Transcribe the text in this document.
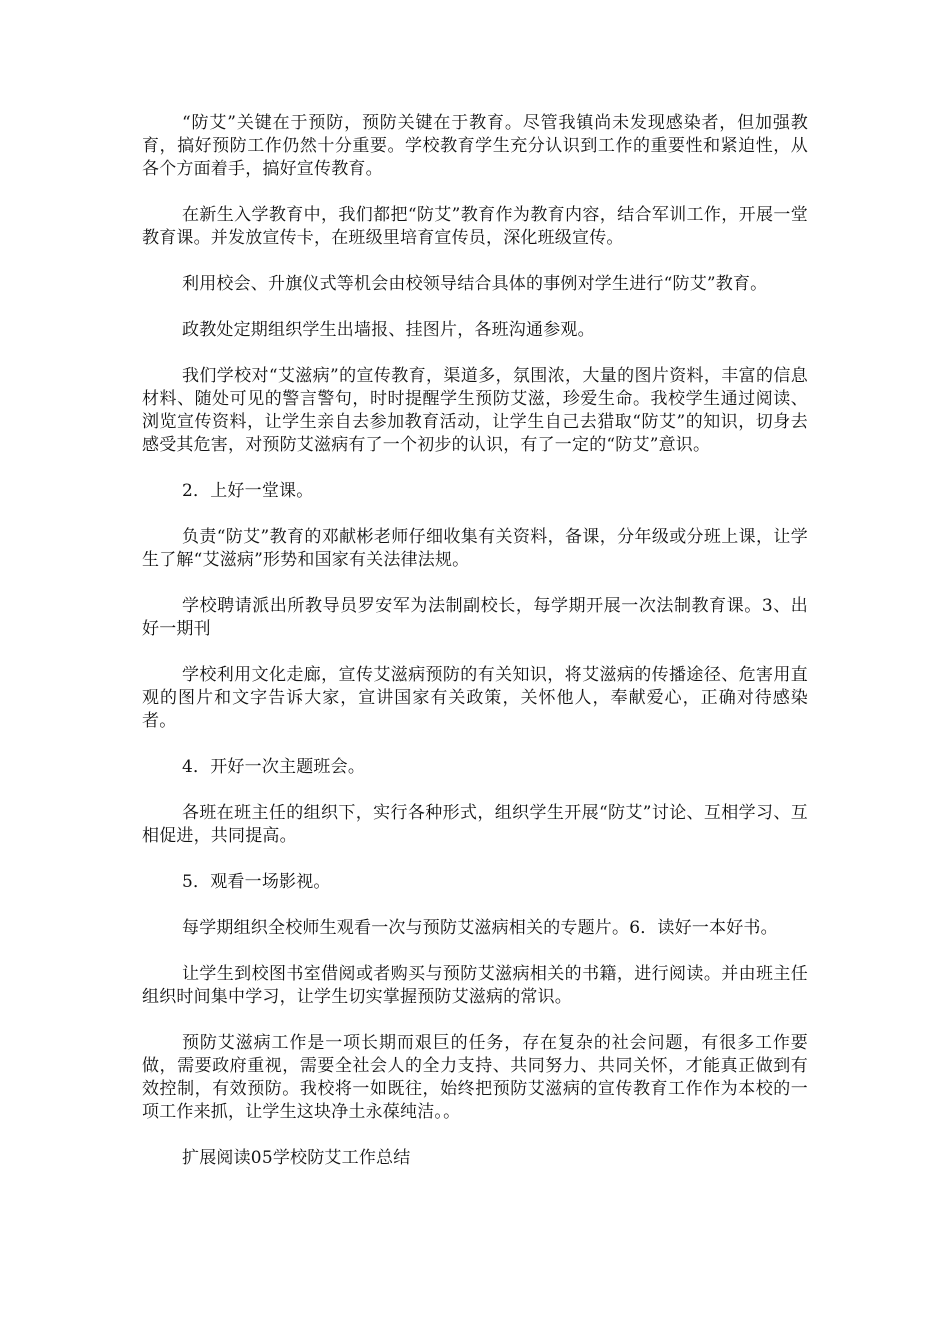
“防艾”关键在于预防，预防关键在于教育。尽管我镇尚未发现感染者，但加强教育，搞好预防工作仍然十分重要。学校教育学生充分认识到工作的重要性和紧迫性，从各个方面着手，搞好宣传教育。

在新生入学教育中，我们都把“防艾”教育作为教育内容，结合军训工作，开展一堂教育课。并发放宣传卡，在班级里培育宣传员，深化班级宣传。

利用校会、升旗仪式等机会由校领导结合具体的事例对学生进行“防艾”教育。

政教处定期组织学生出墙报、挂图片，各班沟通参观。

我们学校对“艾滋病”的宣传教育，渠道多，氛围浓，大量的图片资料，丰富的信息材料、随处可见的警言警句，时时提醒学生预防艾滋，珍爱生命。我校学生通过阅读、浏览宣传资料，让学生亲自去参加教育活动，让学生自己去猎取“防艾”的知识，切身去感受其危害，对预防艾滋病有了一个初步的认识，有了一定的“防艾”意识。

2．上好一堂课。

负责“防艾”教育的邓献彬老师仔细收集有关资料，备课，分年级或分班上课，让学生了解“艾滋病”形势和国家有关法律法规。

学校聘请派出所教导员罗安军为法制副校长，每学期开展一次法制教育课。3、出好一期刊

学校利用文化走廊，宣传艾滋病预防的有关知识，将艾滋病的传播途径、危害用直观的图片和文字告诉大家，宣讲国家有关政策，关怀他人，奉献爱心，正确对待感染者。

4．开好一次主题班会。

各班在班主任的组织下，实行各种形式，组织学生开展“防艾”讨论、互相学习、互相促进，共同提高。

5．观看一场影视。

每学期组织全校师生观看一次与预防艾滋病相关的专题片。6．读好一本好书。

让学生到校图书室借阅或者购买与预防艾滋病相关的书籍，进行阅读。并由班主任组织时间集中学习，让学生切实掌握预防艾滋病的常识。

预防艾滋病工作是一项长期而艰巨的任务，存在复杂的社会问题，有很多工作要做，需要政府重视，需要全社会人的全力支持、共同努力、共同关怀，才能真正做到有效控制，有效预防。我校将一如既往，始终把预防艾滋病的宣传教育工作作为本校的一项工作来抓，让学生这块净土永葆纯洁。。

扩展阅读05学校防艾工作总结
